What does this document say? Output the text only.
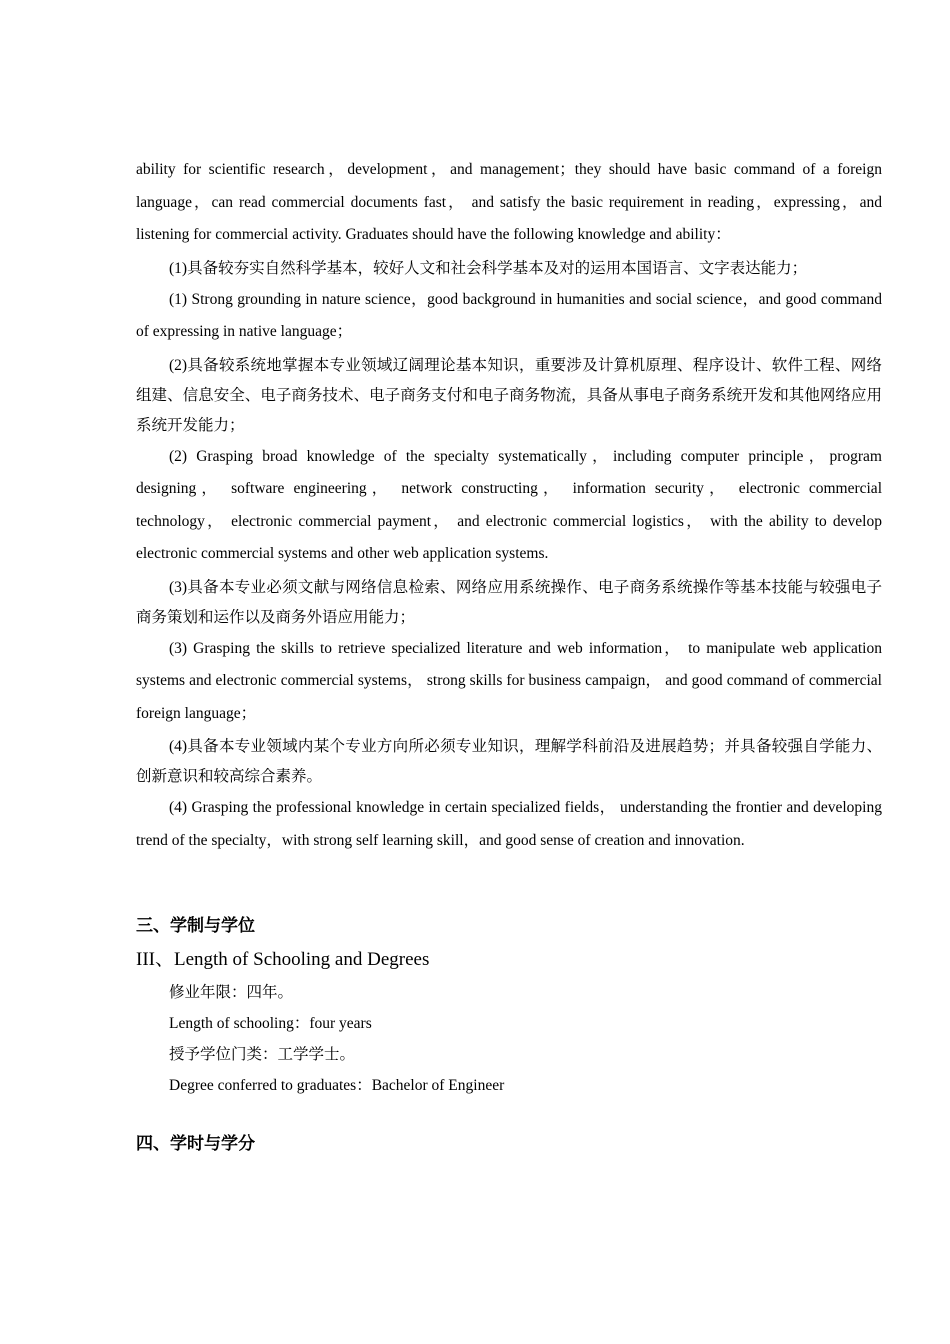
ability for scientific research，development，and management；they should have basic command of a foreign language，can read commercial documents fast， and satisfy the basic requirement in reading，expressing，and listening for commercial activity. Graduates should have the following knowledge and ability：

(1)具备较夯实自然科学基本，较好人文和社会科学基本及对的运用本国语言、文字表达能力；

(1) Strong grounding in nature science，good background in humanities and social science，and good command of expressing in native language；

(2)具备较系统地掌握本专业领域辽阔理论基本知识，重要涉及计算机原理、程序设计、软件工程、网络组建、信息安全、电子商务技术、电子商务支付和电子商务物流，具备从事电子商务系统开发和其他网络应用系统开发能力；

(2) Grasping broad knowledge of the specialty systematically，including computer principle，program designing， software engineering， network constructing， information security， electronic commercial technology， electronic commercial payment， and electronic commercial logistics， with the ability to develop electronic commercial systems and other web application systems.

(3)具备本专业必须文献与网络信息检索、网络应用系统操作、电子商务系统操作等基本技能与较强电子商务策划和运作以及商务外语应用能力；

(3) Grasping the skills to retrieve specialized literature and web information， to manipulate web application systems and electronic commercial systems， strong skills for business campaign， and good command of commercial foreign language；

(4)具备本专业领域内某个专业方向所必须专业知识，理解学科前沿及进展趋势；并具备较强自学能力、创新意识和较高综合素养。

(4) Grasping the professional knowledge in certain specialized fields， understanding the frontier and developing trend of the specialty，with strong self learning skill，and good sense of creation and innovation.

三、学制与学位
III、Length of Schooling and Degrees

修业年限：四年。

Length of schooling：four years

授予学位门类：工学学士。

Degree conferred to graduates：Bachelor of Engineer

四、学时与学分
